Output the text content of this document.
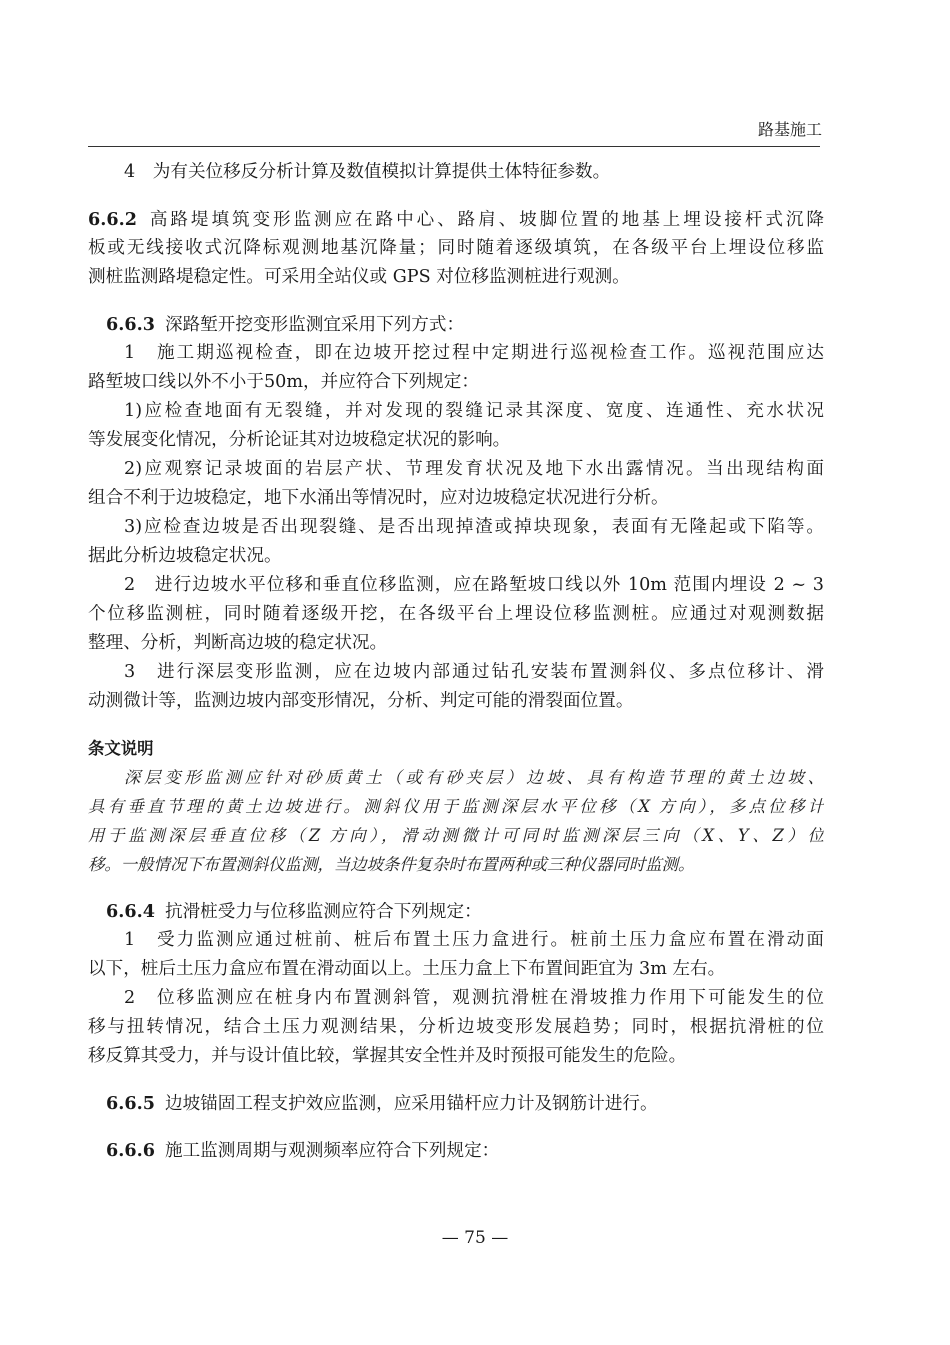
路基施工
4　为有关位移反分析计算及数值模拟计算提供土体特征参数。
6.6.2 高路堤填筑变形监测应在路中心、路肩、坡脚位置的地基上埋设接杆式沉降
板或无线接收式沉降标观测地基沉降量；同时随着逐级填筑，在各级平台上埋设位移监
测桩监测路堤稳定性。可采用全站仪或 GPS 对位移监测桩进行观测。
6.6.3 深路堑开挖变形监测宜采用下列方式：
1　施工期巡视检查，即在边坡开挖过程中定期进行巡视检查工作。巡视范围应达
路堑坡口线以外不小于50m，并应符合下列规定：
1)应检查地面有无裂缝，并对发现的裂缝记录其深度、宽度、连通性、充水状况
等发展变化情况，分析论证其对边坡稳定状况的影响。
2)应观察记录坡面的岩层产状、节理发育状况及地下水出露情况。当出现结构面
组合不利于边坡稳定，地下水涌出等情况时，应对边坡稳定状况进行分析。
3)应检查边坡是否出现裂缝、是否出现掉渣或掉块现象，表面有无隆起或下陷等。
据此分析边坡稳定状况。
2　进行边坡水平位移和垂直位移监测，应在路堑坡口线以外 10m 范围内埋设 2 ~ 3
个位移监测桩，同时随着逐级开挖，在各级平台上埋设位移监测桩。应通过对观测数据
整理、分析，判断高边坡的稳定状况。
3　进行深层变形监测，应在边坡内部通过钻孔安装布置测斜仪、多点位移计、滑
动测微计等，监测边坡内部变形情况，分析、判定可能的滑裂面位置。
条文说明
深层变形监测应针对砂质黄土（或有砂夹层）边坡、具有构造节理的黄土边坡、
具有垂直节理的黄土边坡进行。测斜仪用于监测深层水平位移（X 方向），多点位移计
用于监测深层垂直位移（Z 方向），滑动测微计可同时监测深层三向（X、Y、Z）位
移。一般情况下布置测斜仪监测，当边坡条件复杂时布置两种或三种仪器同时监测。
6.6.4 抗滑桩受力与位移监测应符合下列规定：
1　受力监测应通过桩前、桩后布置土压力盒进行。桩前土压力盒应布置在滑动面
以下，桩后土压力盒应布置在滑动面以上。土压力盒上下布置间距宜为 3m 左右。
2　位移监测应在桩身内布置测斜管，观测抗滑桩在滑坡推力作用下可能发生的位
移与扭转情况，结合土压力观测结果，分析边坡变形发展趋势；同时，根据抗滑桩的位
移反算其受力，并与设计值比较，掌握其安全性并及时预报可能发生的危险。
6.6.5 边坡锚固工程支护效应监测，应采用锚杆应力计及钢筋计进行。
6.6.6 施工监测周期与观测频率应符合下列规定：
— 75 —
